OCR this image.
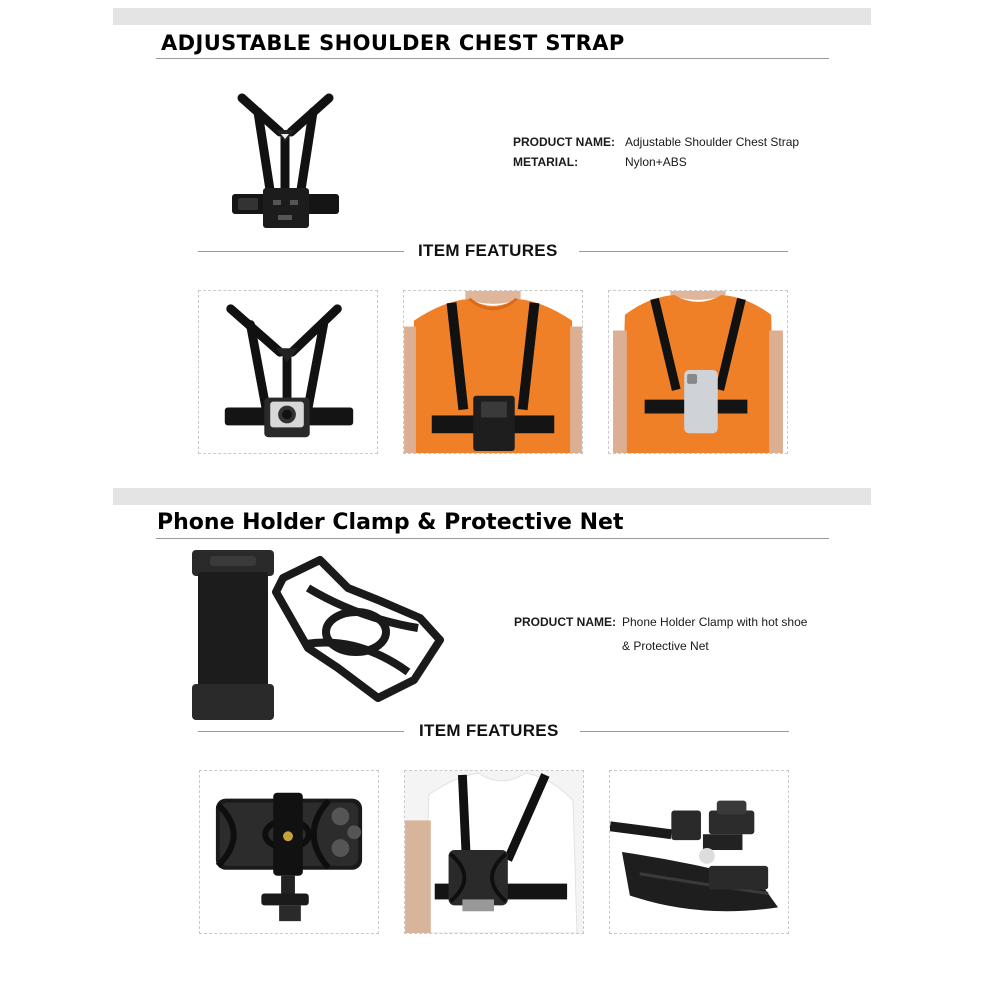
ADJUSTABLE SHOULDER CHEST STRAP
PRODUCT NAME: Adjustable Shoulder Chest Strap
METARIAL:	Nylon+ABS
ITEM FEATURES
Phone Holder Clamp & Protective Net
PRODUCT NAME: Phone Holder Clamp with hot shoe
& Protective Net
ITEM FEATURES
